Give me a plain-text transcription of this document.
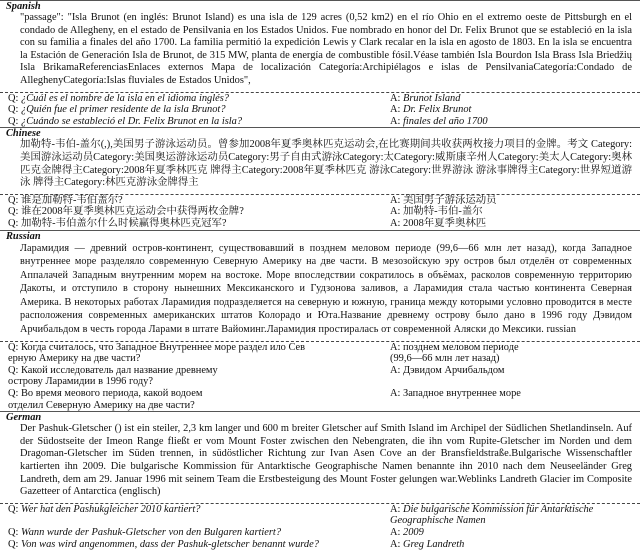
Spanish
"passage": "Isla Brunot (en inglés: Brunot Island) es una isla de 129 acres (0,52 km2) en el río Ohio en el extremo oeste de Pittsburgh en el condado de Allegheny, en el estado de Pensilvania en los Estados Unidos. Fue nombrado en honor del Dr. Felix Brunot que se estableció en la isla con su familia a finales del año 1700. La familia permitió la expedición Lewis y Clark recalar en la isla en agosto de 1803. En la isla se encuentra la Estación de Generación Isla de Brunot, de 315 MW, planta de energía de combustible fósil.Véase también Isla Bourdon Isla Brass Isla Briedžių Isla BrikamaReferenciasEnlaces externos Mapa de localización Categoría:Archipiélagos e islas de PensilvaniaCategoría:Condado de AlleghenyCategoría:Islas fluviales de Estados Unidos",
Q: ¿Cuál es el nombre de la isla en el idioma inglés?	A: Brunot Island
Q: ¿Quién fue el primer residente de la isla Brunot?	A: Dr. Felix Brunot
Q: ¿Cuándo se estableció el Dr. Felix Brunot en la isla?	A: finales del año 1700
Chinese
加勒特-韦伯-盖尔(,),美国男子游泳运动员。曾参加2008年夏季奥林匹克运动会,在比赛期间共收获两枚接力项目的金牌。考文 Category:美国游泳运动员Category:美国奥运游泳运动员Category:男子自由式游泳Category:太Category:威斯康辛州人Category:美太人Category:奥林匹克金牌得主Category:2008年夏季林匹克 牌得主Category:2008年夏季林匹克 游泳Category:世界游泳 游泳事牌得主Category:世界短道游泳 牌得主Category:林匹克游泳金牌得主
Q: 谁是加勒特-韦伯盖尔?	A: 美国男子游泳运动员
Q: 谁在2008年夏季奥林匹克运动会中获得两枚金牌?	A: 加勒特-韦伯-盖尔
Q: 加勒特-韦伯盖尔什么时候赢得奥林匹克冠军?	A: 2008年夏季奥林匹
Russian
Ларамидия — древний остров-континент, существовавший в позднем меловом периоде (99,6—66 млн лет назад), когда Западное внутреннее море разделяло современную Северную Америку на две части. В мезозойскую эру остров был отделён от современных Аппалачей Западным внутренним морем на востоке. Море впоследствии сократилось в объёмах, расколов современную территорию Дакоты, и отступило в сторону нынешних Мексиканского и Гудзонова заливов, а Ларамидия стала частью континента Северная Америка. В некоторых работах Ларамидия подразделяется на северную и южную, граница между которыми условно проводится в месте расположения современных американских штатов Колорадо и Юта.Название древнему острову было дано в 1996 году Дэвидом Арчибальдом в честь города Ларами в штате Вайоминг.Ларамидия простиралась от современной Аляски до Мексики. russian
Q: Когда считалось, что Западное Внутреннее море раздел ило Сев
ерную Америку на две части?
A: позднем меловом периоде
(99,6—66 млн лет назад)
Q: Какой исследователь дал название древнему
острову Ларамидии в 1996 году?
A: Дэвидом Арчибальдом
Q: Во время меового периода, какой водоем
отделил Северную Америку на две части?
A: Западное внутреннее море
German
Der Pashuk-Gletscher () ist ein steiler, 2,3 km langer und 600 m breiter Gletscher auf Smith Island im Archipel der Südlichen Shetlandinseln. Auf der Südostseite der Imeon Range fließt er vom Mount Foster zwischen den Nebengraten, die ihn vom Rupite-Gletscher im Norden und dem Dragoman-Gletscher im Süden trennen, in südöstlicher Richtung zur Ivan Asen Cove an der Bransfieldstraße.Bulgarische Wissenschaftler kartierten ihn 2009. Die bulgarische Kommission für Antarktische Geographische Namen benannte ihn 2010 nach dem Neuseeländer Greg Landreth, dem am 29. Januar 1996 mit seinem Team die Erstbesteigung des Mount Foster gelungen war.Weblinks Landreth Glacier im Composite Gazetteer of Antarctica (englisch)
Q: Wer hat den Pashukgleicher 2010 kartiert?	A: Die bulgarische Kommission für Antarktische Geographische Namen
Q: Wann wurde der Pashuk-Gletscher von den Bulgaren kartiert?	A: 2009
Q: Von was wird angenommen, dass der Pashuk-gletscher benannt wurde?	A: Greg Landreth
